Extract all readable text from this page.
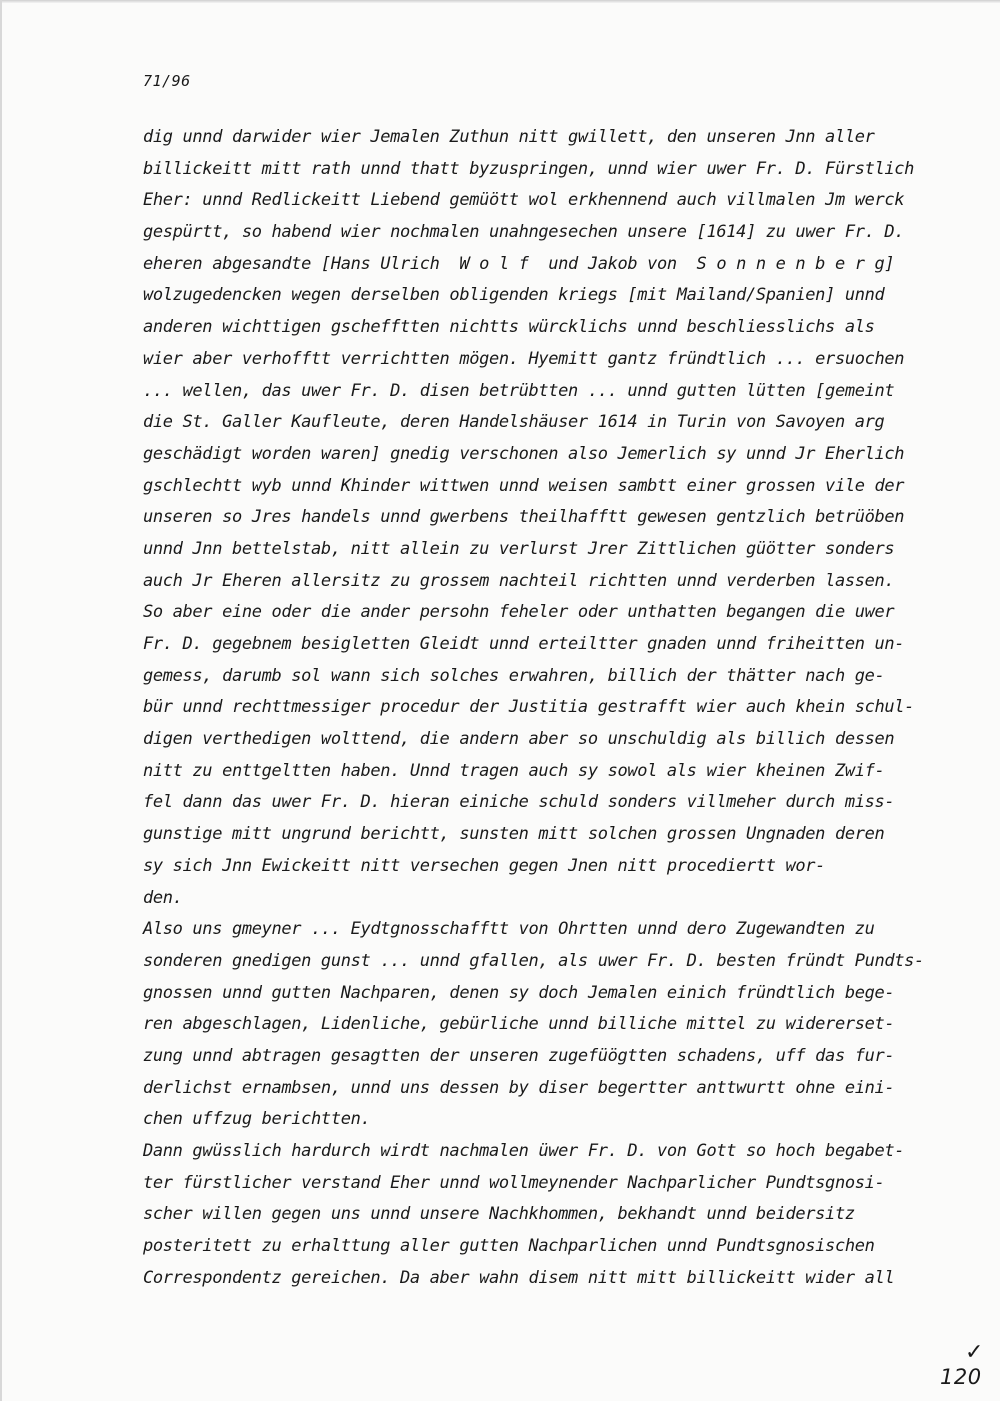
71/96
dig unnd darwider wier Jemalen Zuthun nitt gwillett, den unseren Jnn aller
billickeitt mitt rath unnd thatt byzuspringen, unnd wier uwer Fr. D. Fürstlich
Eher: unnd Redlickeitt Liebend gemüött wol erkhennend auch villmalen Jm werck
gespürtt, so habend wier nochmalen unahngesechen unsere [1614] zu uwer Fr. D.
eheren abgesandte [Hans Ulrich  W o l f  und Jakob von  S o n n e n b e r g]
wolzugedencken wegen derselben obligenden kriegs [mit Mailand/Spanien] unnd
anderen wichttigen gschefftten nichtts würcklichs unnd beschliesslichs als
wier aber verhofftt verrichtten mögen. Hyemitt gantz fründtlich ... ersuochen
... wellen, das uwer Fr. D. disen betrübtten ... unnd gutten lütten [gemeint
die St. Galler Kaufleute, deren Handelshäuser 1614 in Turin von Savoyen arg
geschädigt worden waren] gnedig verschonen also Jemerlich sy unnd Jr Eherlich
gschlechtt wyb unnd Khinder wittwen unnd weisen sambtt einer grossen vile der
unseren so Jres handels unnd gwerbens theilhafftt gewesen gentzlich betrüöben
unnd Jnn bettelstab, nitt allein zu verlurst Jrer Zittlichen güötter sonders
auch Jr Eheren allersitz zu grossem nachteil richtten unnd verderben lassen.
So aber eine oder die ander persohn feheler oder unthatten begangen die uwer
Fr. D. gegebnem besigletten Gleidt unnd erteiltter gnaden unnd friheitten un-
gemess, darumb sol wann sich solches erwahren, billich der thätter nach ge-
bür unnd rechttmessiger procedur der Justitia gestrafft wier auch khein schul-
digen verthedigen wolttend, die andern aber so unschuldig als billich dessen
nitt zu enttgeltten haben. Unnd tragen auch sy sowol als wier kheinen Zwif-
fel dann das uwer Fr. D. hieran einiche schuld sonders villmeher durch miss-
gunstige mitt ungrund berichtt, sunsten mitt solchen grossen Ungnaden deren
sy sich Jnn Ewickeitt nitt versechen gegen Jnen nitt procediertt wor-
den.
Also uns gmeyner ... Eydtgnosschafftt von Ohrtten unnd dero Zugewandten zu
sonderen gnedigen gunst ... unnd gfallen, als uwer Fr. D. besten fründt Pundts-
gnossen unnd gutten Nachparen, denen sy doch Jemalen einich fründtlich bege-
ren abgeschlagen, Lidenliche, gebürliche unnd billiche mittel zu widererset-
zung unnd abtragen gesagtten der unseren zugefüögtten schadens, uff das fur-
derlichst ernambsen, unnd uns dessen by diser begertter anttwurtt ohne eini-
chen uffzug berichtten.
Dann gwüsslich hardurch wirdt nachmalen üwer Fr. D. von Gott so hoch begabet-
ter fürstlicher verstand Eher unnd wollmeynender Nachparlicher Pundtsgnosi-
scher willen gegen uns unnd unsere Nachkhommen, bekhandt unnd beidersitz
posteritett zu erhalttung aller gutten Nachparlichen unnd Pundtsgnosischen
Correspondentz gereichen. Da aber wahn disem nitt mitt billickeitt wider all
✓
120
